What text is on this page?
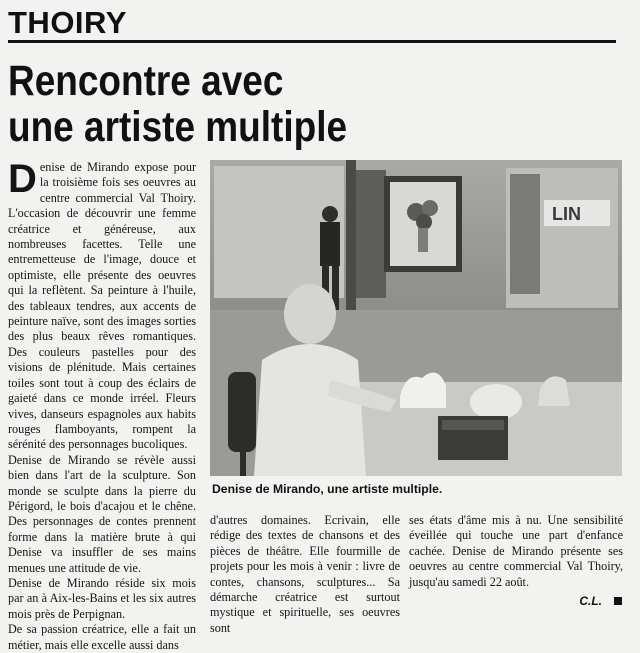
THOIRY
Rencontre avec
une artiste multiple

Denise de Mirando expose pour la troisième fois ses oeuvres au centre commercial Val Thoiry. L'occasion de découvrir une femme créatrice et généreuse, aux nombreuses facettes. Telle une entremetteuse de l'image, douce et optimiste, elle présente des oeuvres qui la reflètent. Sa peinture à l'huile, des tableaux tendres, aux accents de peinture naïve, sont des images sorties des plus beaux rêves romantiques. Des couleurs pastelles pour des visions de plénitude. Mais certaines toiles sont tout à coup des éclairs de gaieté dans ce monde irréel. Fleurs vives, danseurs espagnoles aux habits rouges flamboyants, rompent la sérénité des personnages bucoliques.

Denise de Mirando se révèle aussi bien dans l'art de la sculpture. Son monde se sculpte dans la pierre du Périgord, le bois d'acajou et le chêne. Des personnages de contes prennent forme dans la matière brute à qui Denise va insuffler de ses mains menues une attitude de vie.

Denise de Mirando réside six mois par an à Aix-les-Bains et les six autres mois près de Perpignan.

De sa passion créatrice, elle a fait un métier, mais elle excelle aussi dans

LIN
Denise de Mirando, une artiste multiple.

d'autres domaines. Ecrivain, elle rédige des textes de chansons et des pièces de théâtre. Elle fourmille de projets pour les mois à venir : livre de contes, chansons, sculptures... Sa démarche créatrice est surtout mystique et spirituelle, ses oeuvres sont

ses états d'âme mis à nu. Une sensibilité éveillée qui touche une part d'enfance cachée. Denise de Mirando présente ses oeuvres au centre commercial Val Thoiry, jusqu'au samedi 22 août.

C.L.
